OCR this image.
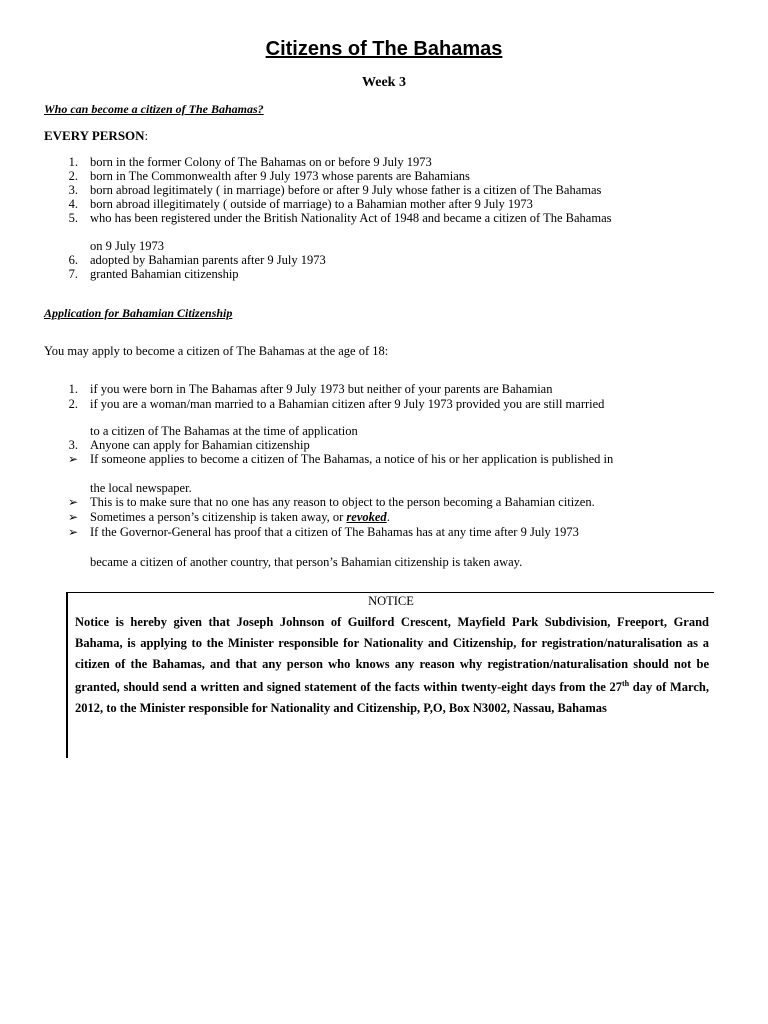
Citizens of The Bahamas
Week 3
Who can become a citizen of The Bahamas?
EVERY PERSON:
1. born in the former Colony of The Bahamas on or before 9 July 1973
2. born in The Commonwealth after 9 July 1973 whose parents are Bahamians
3. born abroad legitimately ( in marriage) before or after 9 July whose father is a citizen of The Bahamas
4. born abroad illegitimately ( outside of marriage) to a Bahamian mother after 9 July 1973
5. who has been registered under the British Nationality Act of 1948 and became a citizen of The Bahamas
on 9 July 1973
6. adopted by Bahamian parents after 9 July 1973
7. granted Bahamian citizenship
Application for Bahamian Citizenship
You may apply to become a citizen of The Bahamas at the age of 18:
1. if you were born in The Bahamas after 9 July 1973 but neither of your parents are Bahamian
2. if you are a woman/man married to a Bahamian citizen after 9 July 1973 provided you are still married
to a citizen of The Bahamas at the time of application
3. Anyone can apply for Bahamian citizenship
➢ If someone applies to become a citizen of The Bahamas, a notice of his or her application is published in
the local newspaper.
➢ This is to make sure that no one has any reason to object to the person becoming a Bahamian citizen.
➢ Sometimes a person’s citizenship is taken away, or revoked.
➢ If the Governor-General has proof that a citizen of The Bahamas has at any time after 9 July 1973
became a citizen of another country, that person’s Bahamian citizenship is taken away.
NOTICE
Notice is hereby given that Joseph Johnson of Guilford Crescent, Mayfield Park Subdivision, Freeport, Grand Bahama, is applying to the Minister responsible for Nationality and Citizenship, for registration/naturalisation as a citizen of the Bahamas, and that any person who knows any reason why registration/naturalisation should not be granted, should send a written and signed statement of the facts within twenty-eight days from the 27th day of March, 2012, to the Minister responsible for Nationality and Citizenship, P,O, Box N3002, Nassau, Bahamas
